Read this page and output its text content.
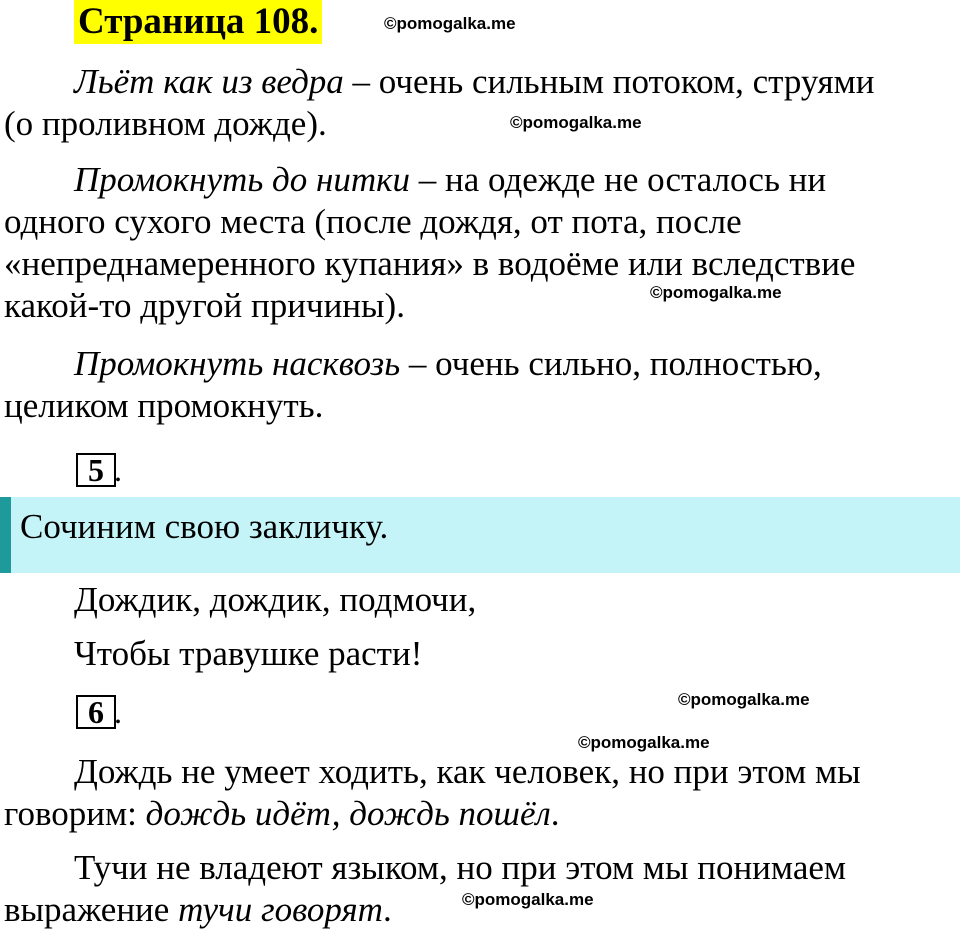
Страница 108.	©pomogalka.me
Льёт как из ведра – очень сильным потоком, струями
(о проливном дожде).	©pomogalka.me
Промокнуть до нитки – на одежде не осталось ни
одного сухого места (после дождя, от пота, после
«непреднамеренного купания» в водоёме или вследствие
какой-то другой причины).	©pomogalka.me
Промокнуть насквозь – очень сильно, полностью,
целиком промокнуть.
5 .
Сочиним свою закличку.
Дождик, дождик, подмочи,
Чтобы травушке расти!
6 .	©pomogalka.me
©pomogalka.me
Дождь не умеет ходить, как человек, но при этом мы
говорим: дождь идёт, дождь пошёл.
Тучи не владеют языком, но при этом мы понимаем
выражение тучи говорят.	©pomogalka.me
